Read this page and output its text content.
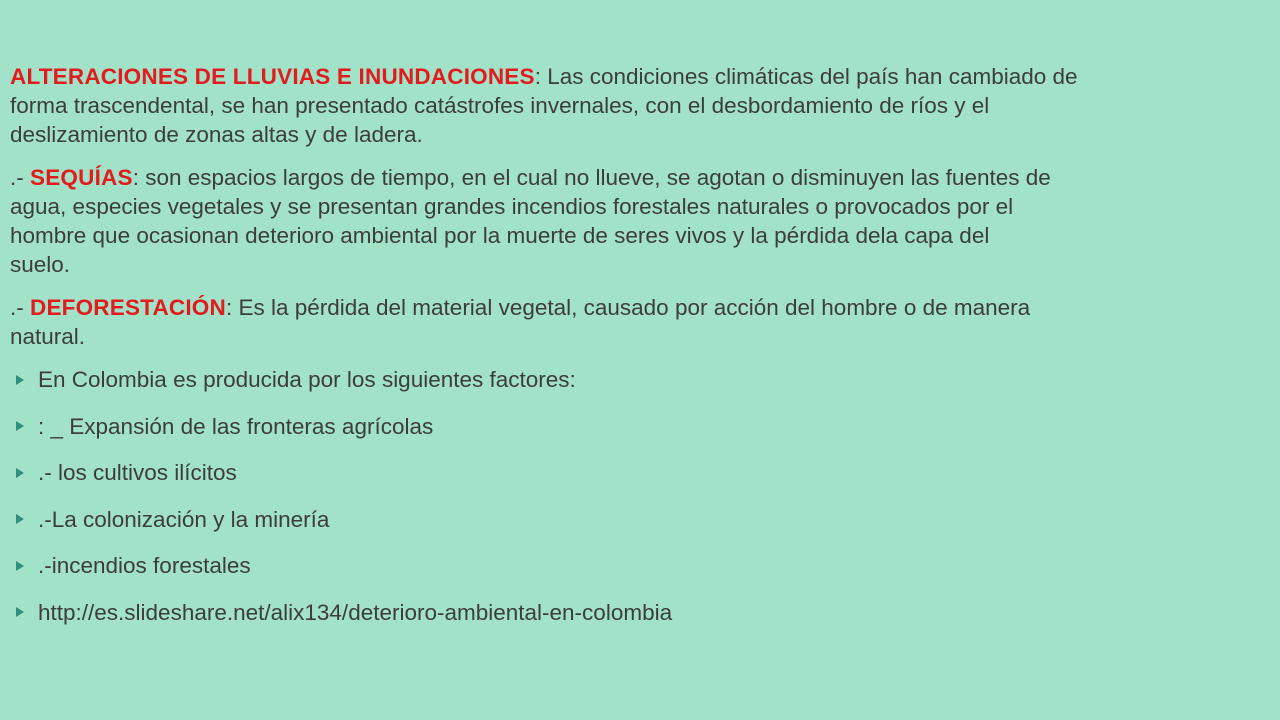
ALTERACIONES DE LLUVIAS E INUNDACIONES: Las condiciones climáticas del país han cambiado de
forma trascendental, se han presentado catástrofes invernales, con el desbordamiento de ríos y el
deslizamiento de zonas altas y de ladera.

.- SEQUÍAS: son espacios largos de tiempo, en el cual no llueve, se agotan o disminuyen las fuentes de
agua, especies vegetales y se presentan grandes incendios forestales naturales o provocados por el
hombre que ocasionan deterioro ambiental por la muerte de seres vivos y la pérdida dela capa del
suelo.

.- DEFORESTACIÓN: Es la pérdida del material vegetal, causado por acción del hombre o de manera
natural.

En Colombia es producida por los siguientes factores:
: _ Expansión de las fronteras agrícolas
.- los cultivos ilícitos
.-La colonización y la minería
.-incendios forestales
http://es.slideshare.net/alix134/deterioro-ambiental-en-colombia
